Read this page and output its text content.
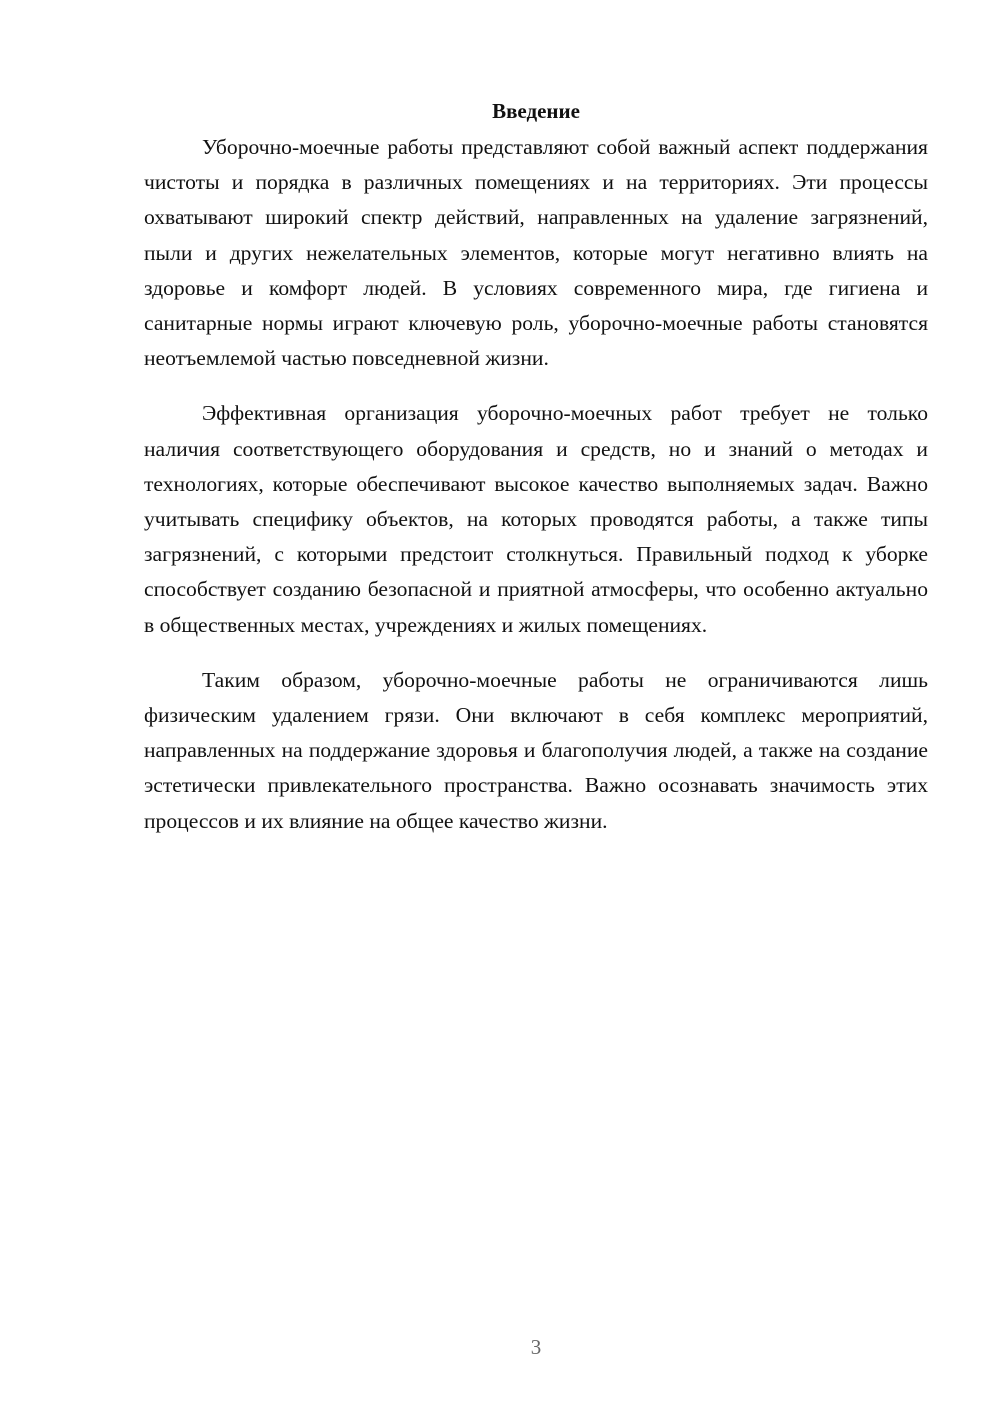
Введение

Уборочно-моечные работы представляют собой важный аспект поддержания чистоты и порядка в различных помещениях и на территориях. Эти процессы охватывают широкий спектр действий, направленных на удаление загрязнений, пыли и других нежелательных элементов, которые могут негативно влиять на здоровье и комфорт людей. В условиях современного мира, где гигиена и санитарные нормы играют ключевую роль, уборочно-моечные работы становятся неотъемлемой частью повседневной жизни.

Эффективная организация уборочно-моечных работ требует не только наличия соответствующего оборудования и средств, но и знаний о методах и технологиях, которые обеспечивают высокое качество выполняемых задач. Важно учитывать специфику объектов, на которых проводятся работы, а также типы загрязнений, с которыми предстоит столкнуться. Правильный подход к уборке способствует созданию безопасной и приятной атмосферы, что особенно актуально в общественных местах, учреждениях и жилых помещениях.

Таким образом, уборочно-моечные работы не ограничиваются лишь физическим удалением грязи. Они включают в себя комплекс мероприятий, направленных на поддержание здоровья и благополучия людей, а также на создание эстетически привлекательного пространства. Важно осознавать значимость этих процессов и их влияние на общее качество жизни.

3
